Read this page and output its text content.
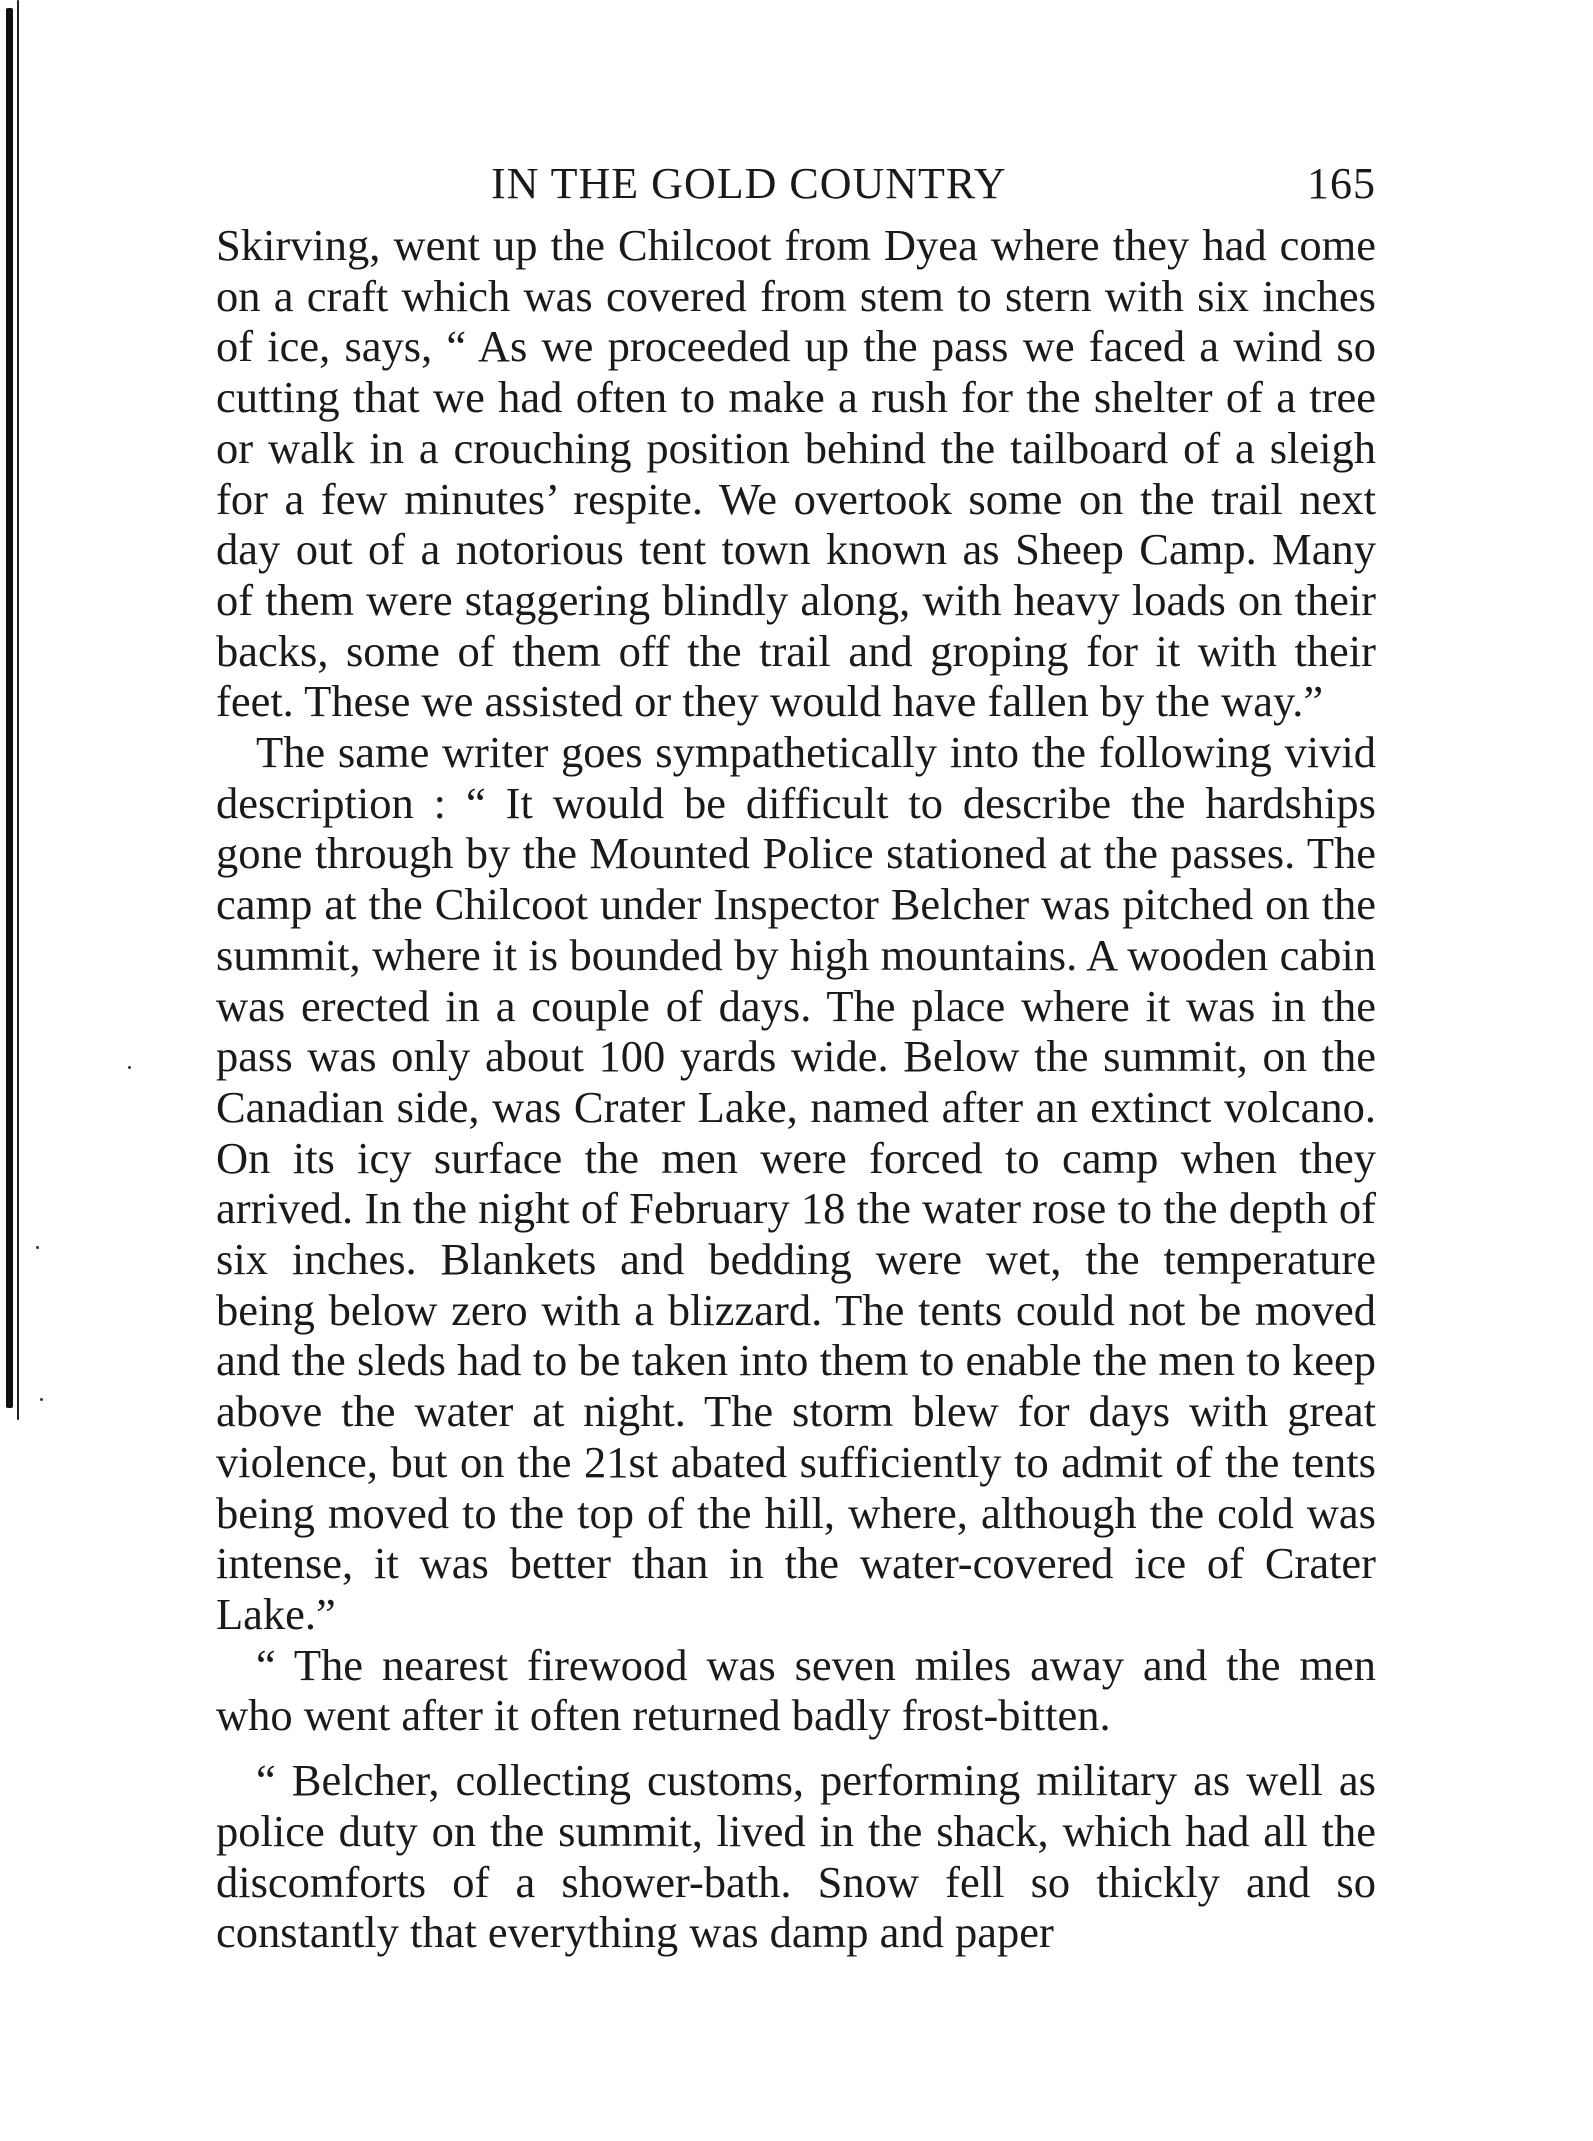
IN THE GOLD COUNTRY	165

Skirving, went up the Chilcoot from Dyea where they had come on a craft which was covered from stem to stern with six inches of ice, says, “ As we proceeded up the pass we faced a wind so cutting that we had often to make a rush for the shelter of a tree or walk in a crouching position behind the tailboard of a sleigh for a few minutes’ respite. We overtook some on the trail next day out of a notorious tent town known as Sheep Camp. Many of them were staggering blindly along, with heavy loads on their backs, some of them off the trail and groping for it with their feet. These we assisted or they would have fallen by the way.”

The same writer goes sympathetically into the following vivid description : “ It would be difficult to describe the hardships gone through by the Mounted Police stationed at the passes. The camp at the Chilcoot under Inspector Belcher was pitched on the summit, where it is bounded by high mountains. A wooden cabin was erected in a couple of days. The place where it was in the pass was only about 100 yards wide. Below the summit, on the Canadian side, was Crater Lake, named after an extinct volcano. On its icy surface the men were forced to camp when they arrived. In the night of February 18 the water rose to the depth of six inches. Blankets and bedding were wet, the temperature being below zero with a blizzard. The tents could not be moved and the sleds had to be taken into them to enable the men to keep above the water at night. The storm blew for days with great violence, but on the 21st abated sufficiently to admit of the tents being moved to the top of the hill, where, although the cold was intense, it was better than in the water-covered ice of Crater Lake.”

“ The nearest firewood was seven miles away and the men who went after it often returned badly frost-bitten.

“ Belcher, collecting customs, performing military as well as police duty on the summit, lived in the shack, which had all the discomforts of a shower-bath. Snow fell so thickly and so constantly that everything was damp and paper
